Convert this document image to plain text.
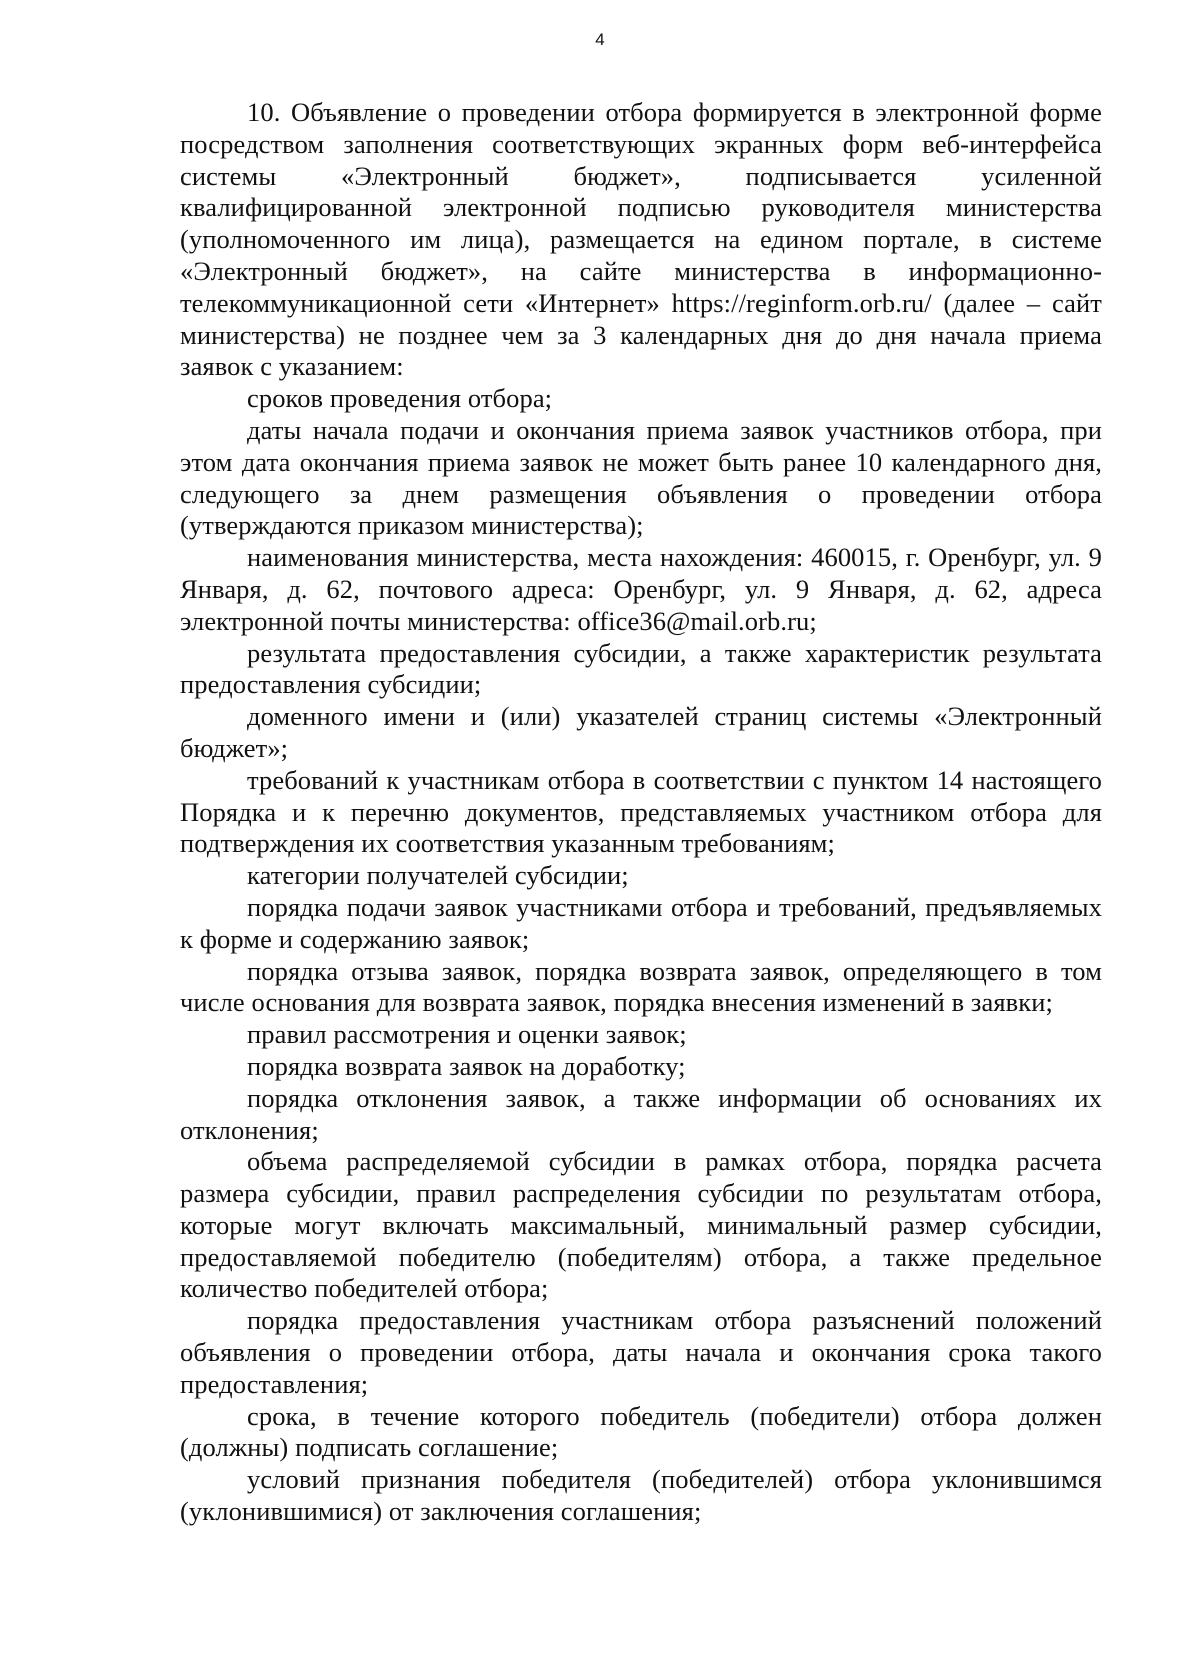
4

10. Объявление о проведении отбора формируется в электронной форме посредством заполнения соответствующих экранных форм веб-интерфейса системы «Электронный бюджет», подписывается усиленной квалифицированной электронной подписью руководителя министерства (уполномоченного им лица), размещается на едином портале, в системе «Электронный бюджет», на сайте министерства в информационно-телекоммуникационной сети «Интернет» https://reginform.orb.ru/ (далее – сайт министерства) не позднее чем за 3 календарных дня до дня начала приема заявок с указанием:

сроков проведения отбора;

даты начала подачи и окончания приема заявок участников отбора, при этом дата окончания приема заявок не может быть ранее 10 календарного дня, следующего за днем размещения объявления о проведении отбора (утверждаются приказом министерства);

наименования министерства, места нахождения: 460015, г. Оренбург, ул. 9 Января, д. 62, почтового адреса: Оренбург, ул. 9 Января, д. 62, адреса электронной почты министерства: office36@mail.orb.ru;

результата предоставления субсидии, а также характеристик результата предоставления субсидии;

доменного имени и (или) указателей страниц системы «Электронный бюджет»;

требований к участникам отбора в соответствии с пунктом 14 настоящего Порядка и к перечню документов, представляемых участником отбора для подтверждения их соответствия указанным требованиям;

категории получателей субсидии;

порядка подачи заявок участниками отбора и требований, предъявляемых к форме и содержанию заявок;

порядка отзыва заявок, порядка возврата заявок, определяющего в том числе основания для возврата заявок, порядка внесения изменений в заявки;

правил рассмотрения и оценки заявок;

порядка возврата заявок на доработку;

порядка отклонения заявок, а также информации об основаниях их отклонения;

объема распределяемой субсидии в рамках отбора, порядка расчета размера субсидии, правил распределения субсидии по результатам отбора, которые могут включать максимальный, минимальный размер субсидии, предоставляемой победителю (победителям) отбора, а также предельное количество победителей отбора;

порядка предоставления участникам отбора разъяснений положений объявления о проведении отбора, даты начала и окончания срока такого предоставления;

срока, в течение которого победитель (победители) отбора должен (должны) подписать соглашение;

условий признания победителя (победителей) отбора уклонившимся (уклонившимися) от заключения соглашения;
